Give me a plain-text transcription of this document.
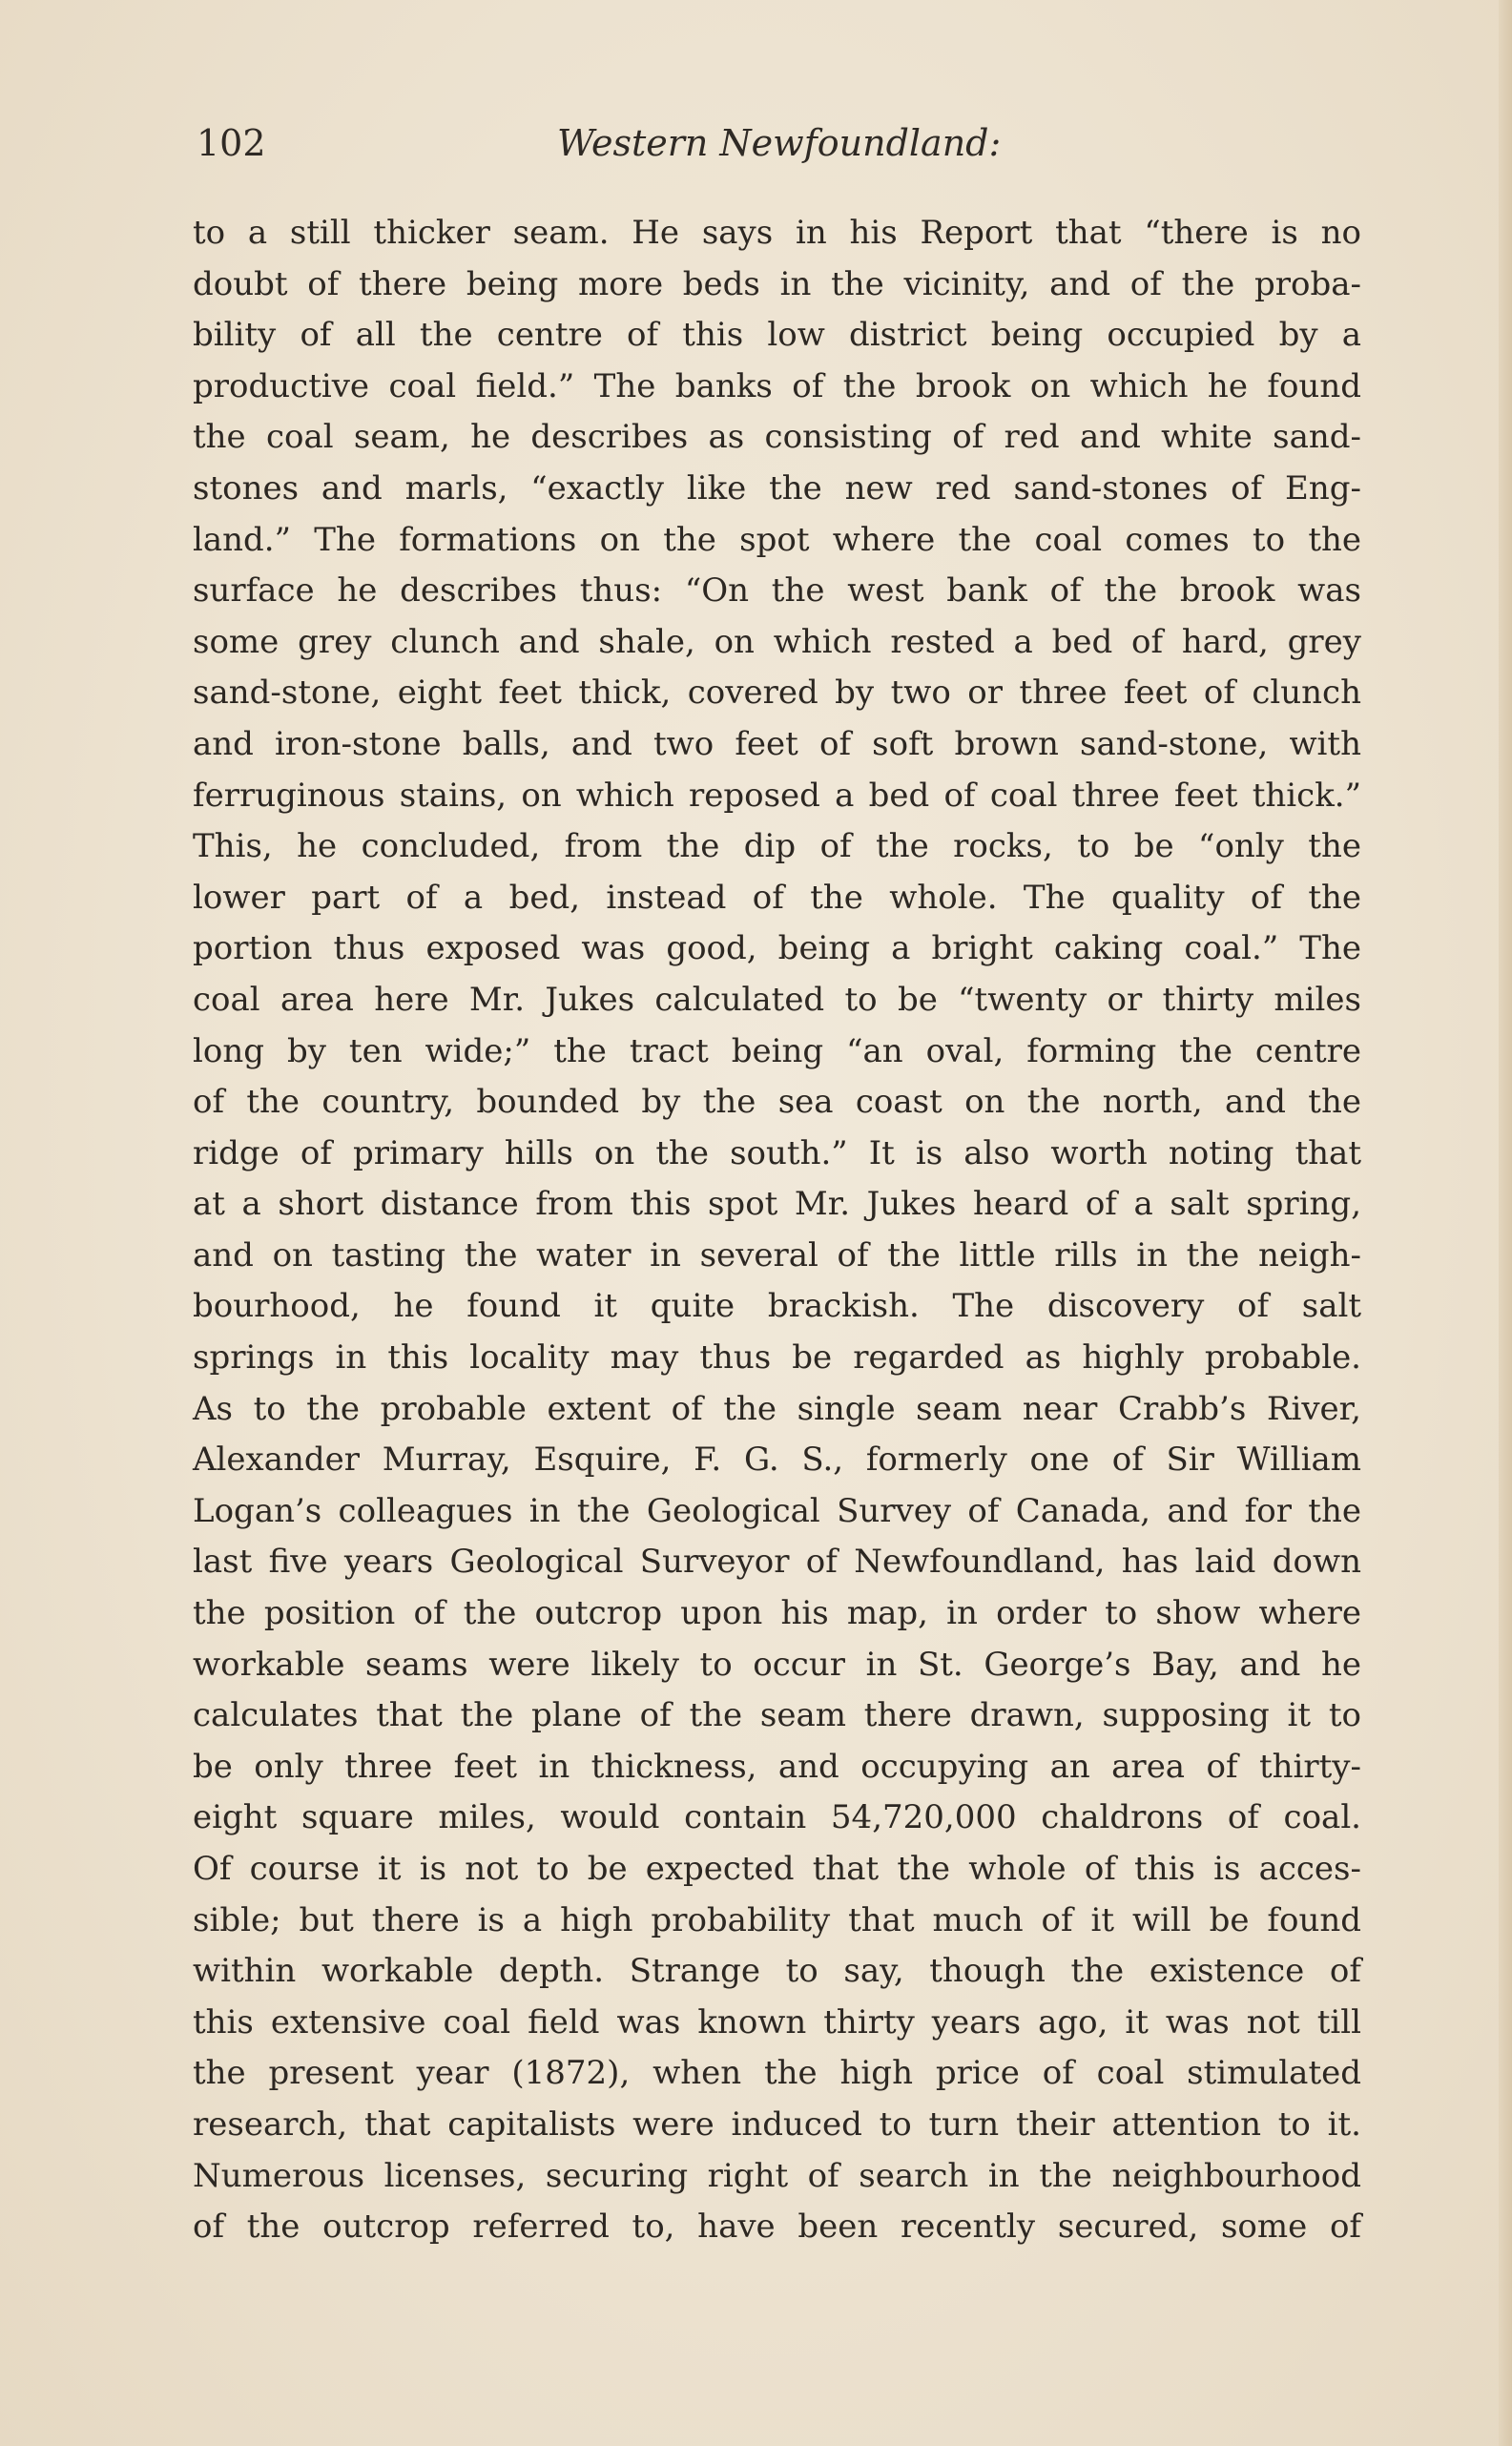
102	Western Newfoundland:
to a still thicker seam. He says in his Report that “there is no
doubt of there being more beds in the vicinity, and of the proba-
bility of all the centre of this low district being occupied by a
productive coal field.” The banks of the brook on which he found
the coal seam, he describes as consisting of red and white sand-
stones and marls, “exactly like the new red sand-stones of Eng-
land.” The formations on the spot where the coal comes to the
surface he describes thus: “On the west bank of the brook was
some grey clunch and shale, on which rested a bed of hard, grey
sand-stone, eight feet thick, covered by two or three feet of clunch
and iron-stone balls, and two feet of soft brown sand-stone, with
ferruginous stains, on which reposed a bed of coal three feet thick.”
This, he concluded, from the dip of the rocks, to be “only the
lower part of a bed, instead of the whole. The quality of the
portion thus exposed was good, being a bright caking coal.” The
coal area here Mr. Jukes calculated to be “twenty or thirty miles
long by ten wide;” the tract being “an oval, forming the centre
of the country, bounded by the sea coast on the north, and the
ridge of primary hills on the south.” It is also worth noting that
at a short distance from this spot Mr. Jukes heard of a salt spring,
and on tasting the water in several of the little rills in the neigh-
bourhood, he found it quite brackish. The discovery of salt
springs in this locality may thus be regarded as highly probable.
As to the probable extent of the single seam near Crabb’s River,
Alexander Murray, Esquire, F. G. S., formerly one of Sir William
Logan’s colleagues in the Geological Survey of Canada, and for the
last five years Geological Surveyor of Newfoundland, has laid down
the position of the outcrop upon his map, in order to show where
workable seams were likely to occur in St. George’s Bay, and he
calculates that the plane of the seam there drawn, supposing it to
be only three feet in thickness, and occupying an area of thirty-
eight square miles, would contain 54,720,000 chaldrons of coal.
Of course it is not to be expected that the whole of this is acces-
sible; but there is a high probability that much of it will be found
within workable depth. Strange to say, though the existence of
this extensive coal field was known thirty years ago, it was not till
the present year (1872), when the high price of coal stimulated
research, that capitalists were induced to turn their attention to it.
Numerous licenses, securing right of search in the neighbourhood
of the outcrop referred to, have been recently secured, some of
